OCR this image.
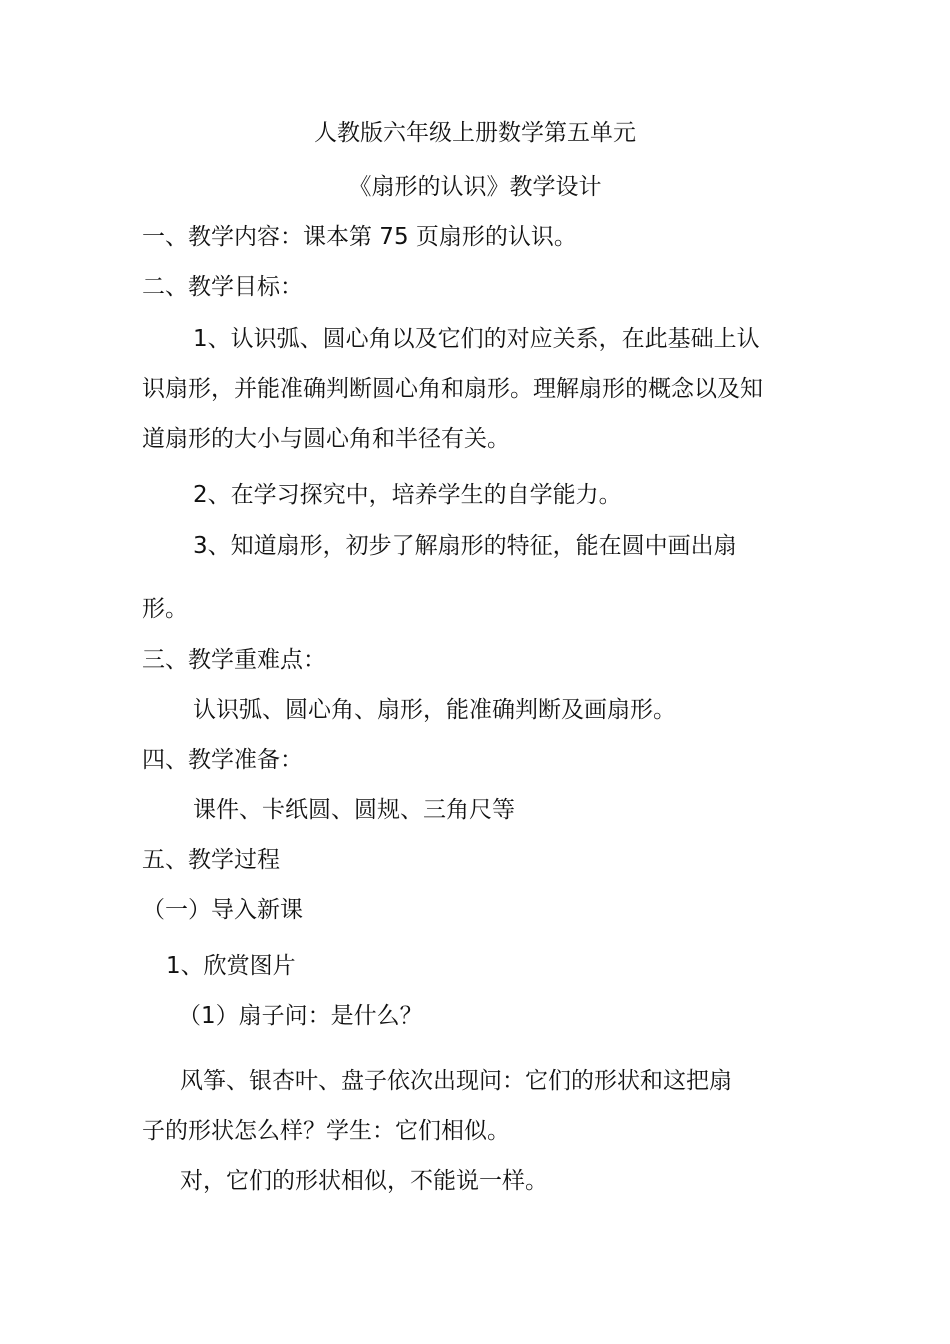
人教版六年级上册数学第五单元

《扇形的认识》教学设计

一、教学内容：课本第 75 页扇形的认识。

二、教学目标：

1、认识弧、圆心角以及它们的对应关系，在此基础上认

识扇形，并能准确判断圆心角和扇形。理解扇形的概念以及知

道扇形的大小与圆心角和半径有关。

2、在学习探究中，培养学生的自学能力。

3、知道扇形，初步了解扇形的特征，能在圆中画出扇

形。

三、教学重难点：

认识弧、圆心角、扇形，能准确判断及画扇形。

四、教学准备：

课件、卡纸圆、圆规、三角尺等

五、教学过程

（一）导入新课

1、欣赏图片

（1）扇子问：是什么？

风筝、银杏叶、盘子依次出现问：它们的形状和这把扇

子的形状怎么样？学生：它们相似。

对，它们的形状相似，不能说一样。
